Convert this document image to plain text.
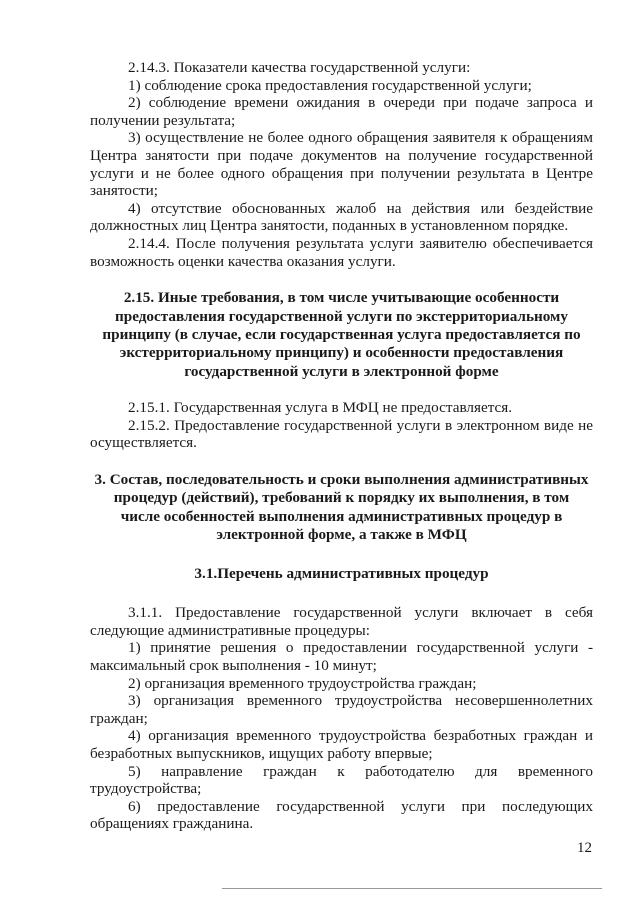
2.14.3. Показатели качества государственной услуги:

1) соблюдение срока предоставления государственной услуги;

2) соблюдение времени ожидания в очереди при подаче запроса и получении результата;

3) осуществление не более одного обращения заявителя к обращениям Центра занятости при подаче документов на получение государственной услуги и не более одного обращения при получении результата в Центре занятости;

4) отсутствие обоснованных жалоб на действия или бездействие должностных лиц Центра занятости, поданных в установленном порядке.

2.14.4. После получения результата услуги заявителю обеспечивается возможность оценки качества оказания услуги.

2.15. Иные требования, в том числе учитывающие особенности предоставления государственной услуги по экстерриториальному принципу (в случае, если государственная услуга предоставляется по экстерриториальному принципу) и особенности предоставления государственной услуги в электронной форме

2.15.1. Государственная услуга в МФЦ не предоставляется.

2.15.2. Предоставление государственной услуги в электронном виде не осуществляется.

3. Состав, последовательность и сроки выполнения административных процедур (действий), требований к порядку их выполнения, в том числе особенностей выполнения административных процедур в электронной форме, а также в МФЦ

3.1.Перечень административных процедур

3.1.1. Предоставление государственной услуги включает в себя следующие административные процедуры:

1) принятие решения о предоставлении государственной услуги - максимальный срок выполнения - 10 минут;

2) организация временного трудоустройства граждан;

3) организация временного трудоустройства несовершеннолетних граждан;

4) организация временного трудоустройства безработных граждан и безработных выпускников, ищущих работу впервые;

5) направление граждан к работодателю для временного трудоустройства;

6) предоставление государственной услуги при последующих обращениях гражданина.

12
